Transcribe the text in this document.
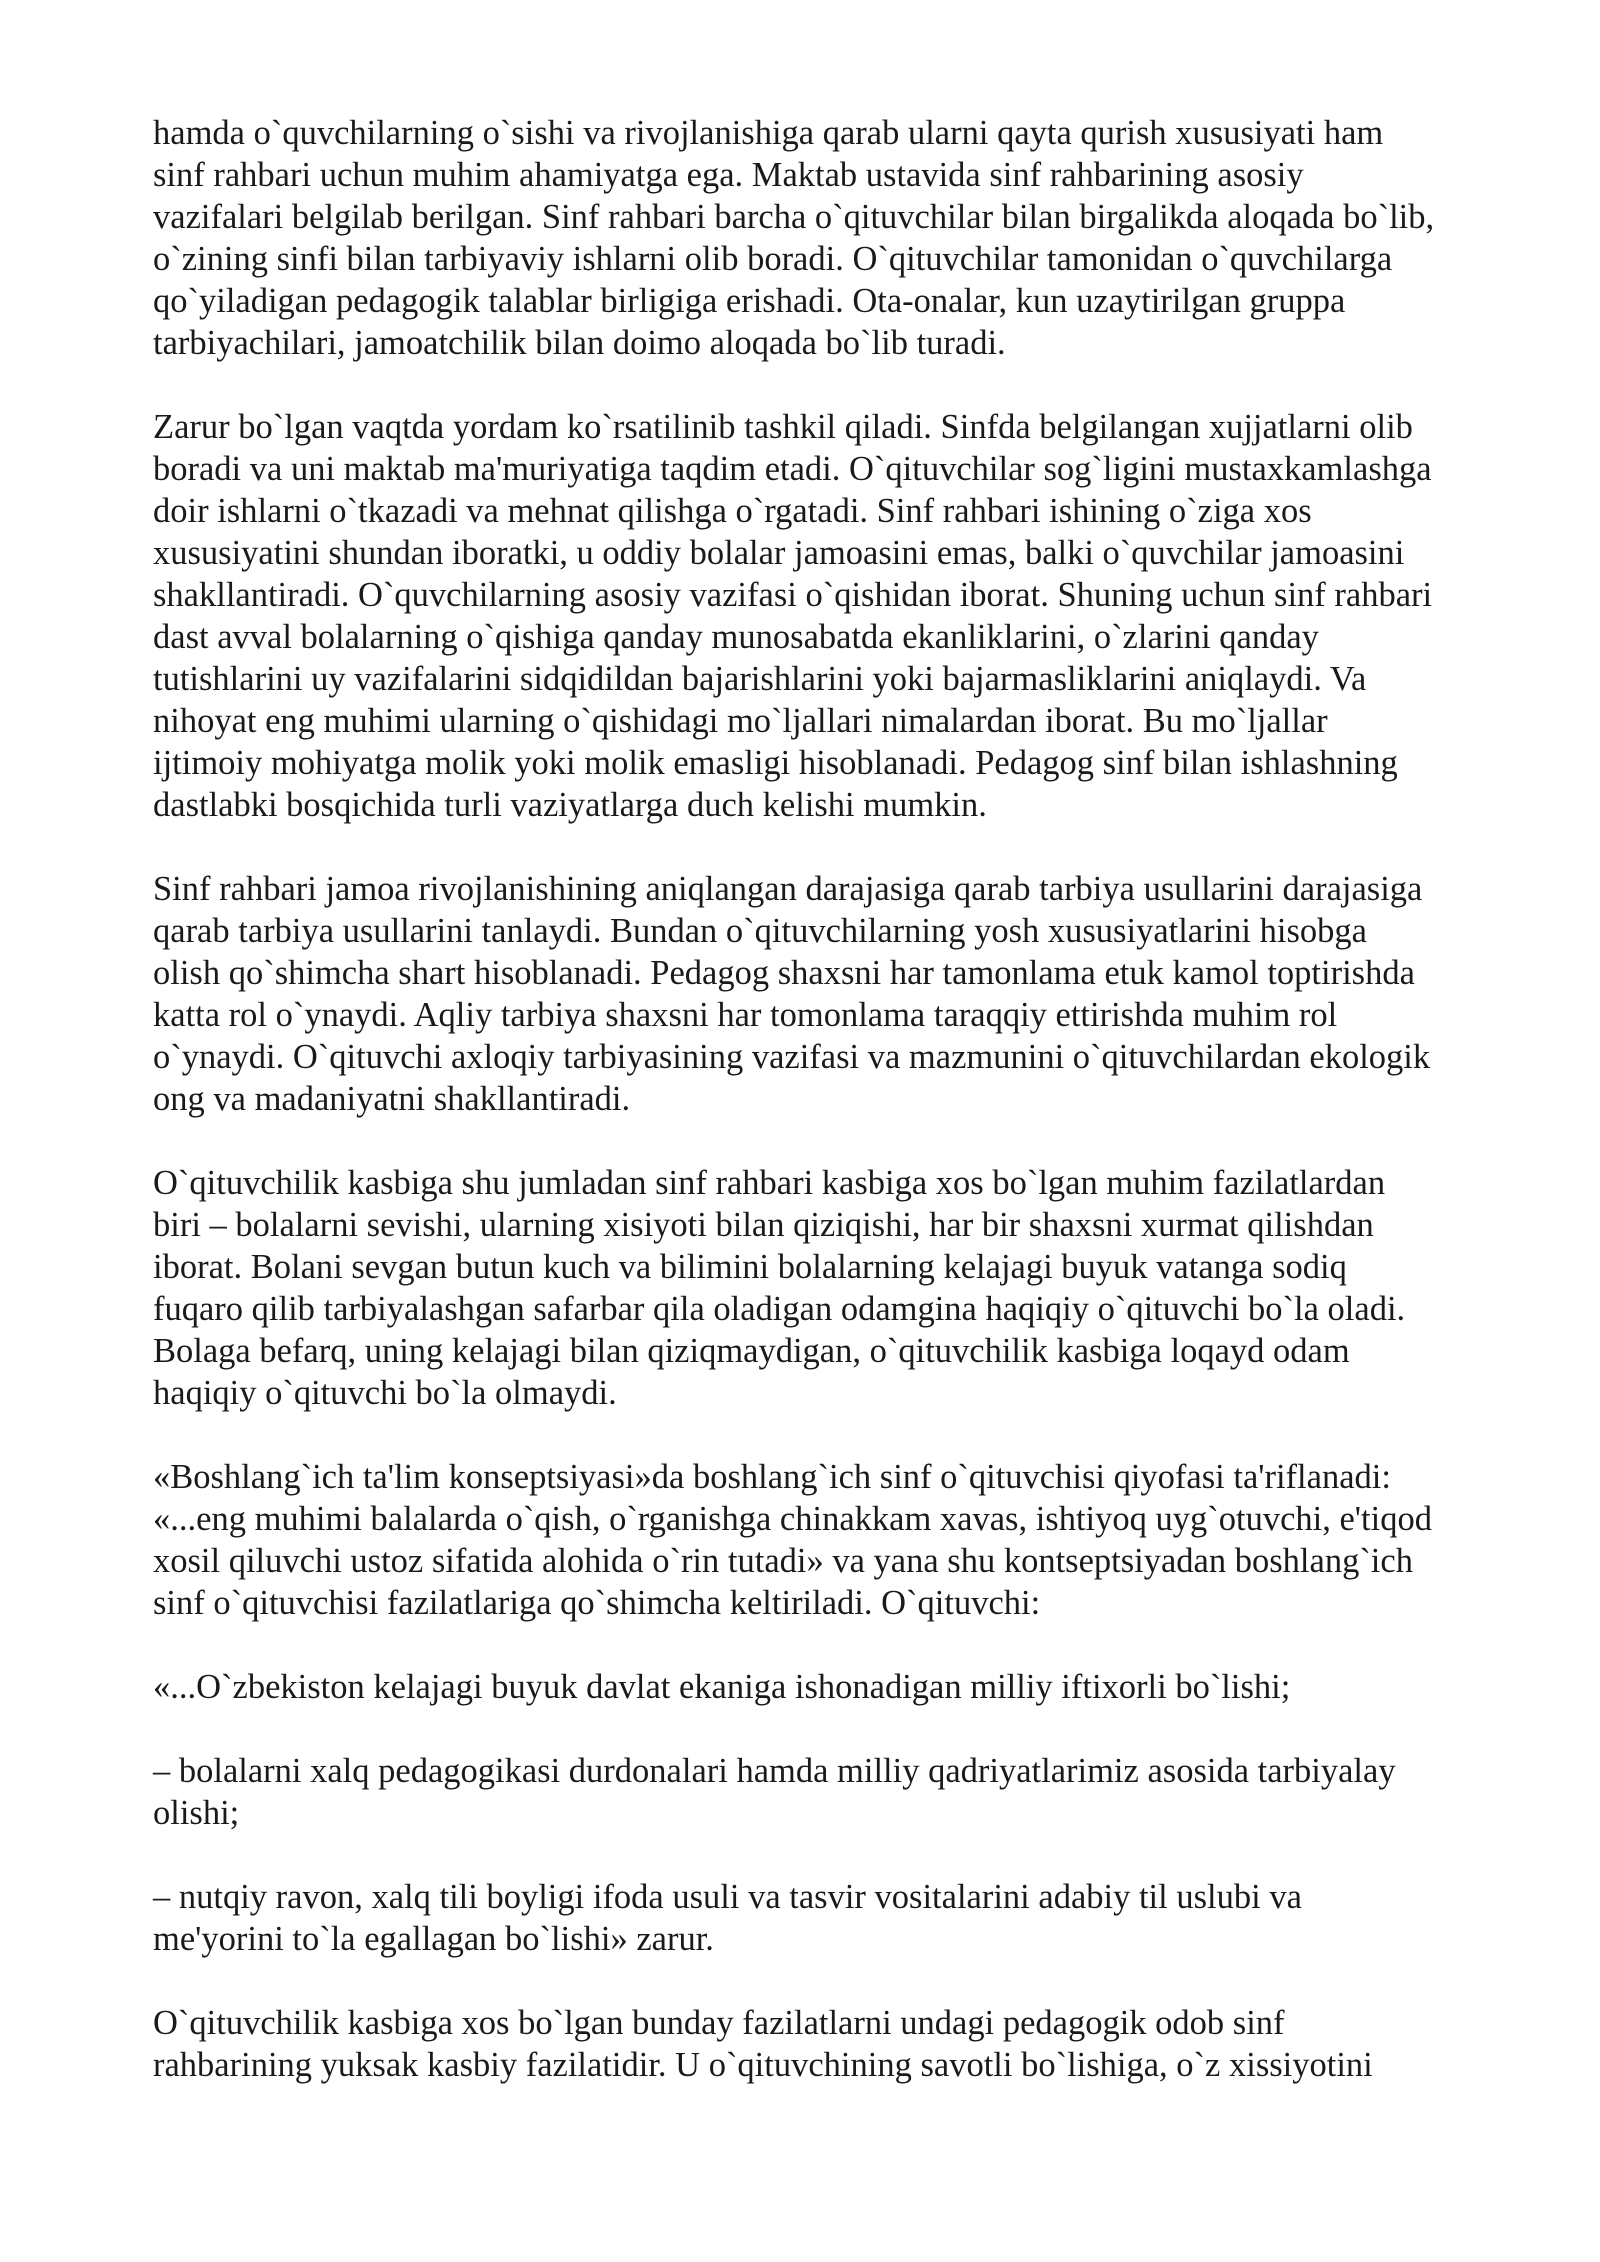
hamda o`quvchilarning o`sishi va rivojlanishiga qarab ularni qayta qurish xususiyati ham
sinf rahbari uchun muhim ahamiyatga ega. Maktab ustavida sinf rahbarining asosiy
vazifalari belgilab berilgan. Sinf rahbari barcha o`qituvchilar bilan birgalikda aloqada bo`lib,
o`zining sinfi bilan tarbiyaviy ishlarni olib boradi. O`qituvchilar tamonidan o`quvchilarga
qo`yiladigan pedagogik talablar birligiga erishadi. Ota-onalar, kun uzaytirilgan gruppa
tarbiyachilari, jamoatchilik bilan doimo aloqada bo`lib turadi.

Zarur bo`lgan vaqtda yordam ko`rsatilinib tashkil qiladi. Sinfda belgilangan xujjatlarni olib
boradi va uni maktab ma'muriyatiga taqdim etadi. O`qituvchilar sog`ligini mustaxkamlashga
doir ishlarni o`tkazadi va mehnat qilishga o`rgatadi. Sinf rahbari ishining o`ziga xos
xususiyatini shundan iboratki, u oddiy bolalar jamoasini emas, balki o`quvchilar jamoasini
shakllantiradi. O`quvchilarning asosiy vazifasi o`qishidan iborat. Shuning uchun sinf rahbari
dast avval bolalarning o`qishiga qanday munosabatda ekanliklarini, o`zlarini qanday
tutishlarini uy vazifalarini sidqidildan bajarishlarini yoki bajarmasliklarini aniqlaydi. Va
nihoyat eng muhimi ularning o`qishidagi mo`ljallari nimalardan iborat. Bu mo`ljallar
ijtimoiy mohiyatga molik yoki molik emasligi hisoblanadi. Pedagog sinf bilan ishlashning
dastlabki bosqichida turli vaziyatlarga duch kelishi mumkin.

Sinf rahbari jamoa rivojlanishining aniqlangan darajasiga qarab tarbiya usullarini darajasiga
qarab tarbiya usullarini tanlaydi. Bundan o`qituvchilarning yosh xususiyatlarini hisobga
olish qo`shimcha shart hisoblanadi. Pedagog shaxsni har tamonlama etuk kamol toptirishda
katta rol o`ynaydi. Aqliy tarbiya shaxsni har tomonlama taraqqiy ettirishda muhim rol
o`ynaydi. O`qituvchi axloqiy tarbiyasining vazifasi va mazmunini o`qituvchilardan ekologik
ong va madaniyatni shakllantiradi.

O`qituvchilik kasbiga shu jumladan sinf rahbari kasbiga xos bo`lgan muhim fazilatlardan
biri – bolalarni sevishi, ularning xisiyoti bilan qiziqishi, har bir shaxsni xurmat qilishdan
iborat. Bolani sevgan butun kuch va bilimini bolalarning kelajagi buyuk vatanga sodiq
fuqaro qilib tarbiyalashgan safarbar qila oladigan odamgina haqiqiy o`qituvchi bo`la oladi.
Bolaga befarq, uning kelajagi bilan qiziqmaydigan, o`qituvchilik kasbiga loqayd odam
haqiqiy o`qituvchi bo`la olmaydi.

«Boshlang`ich ta'lim konseptsiyasi»da boshlang`ich sinf o`qituvchisi qiyofasi ta'riflanadi:
«...eng muhimi balalarda o`qish, o`rganishga chinakkam xavas, ishtiyoq uyg`otuvchi, e'tiqod
xosil qiluvchi ustoz sifatida alohida o`rin tutadi» va yana shu kontseptsiyadan boshlang`ich
sinf o`qituvchisi fazilatlariga qo`shimcha keltiriladi. O`qituvchi:

«...O`zbekiston kelajagi buyuk davlat ekaniga ishonadigan milliy iftixorli bo`lishi;

– bolalarni xalq pedagogikasi durdonalari hamda milliy qadriyatlarimiz asosida tarbiyalay
olishi;

– nutqiy ravon, xalq tili boyligi ifoda usuli va tasvir vositalarini adabiy til uslubi va
me'yorini to`la egallagan bo`lishi» zarur.

O`qituvchilik kasbiga xos bo`lgan bunday fazilatlarni undagi pedagogik odob sinf
rahbarining yuksak kasbiy fazilatidir. U o`qituvchining savotli bo`lishiga, o`z xissiyotini
